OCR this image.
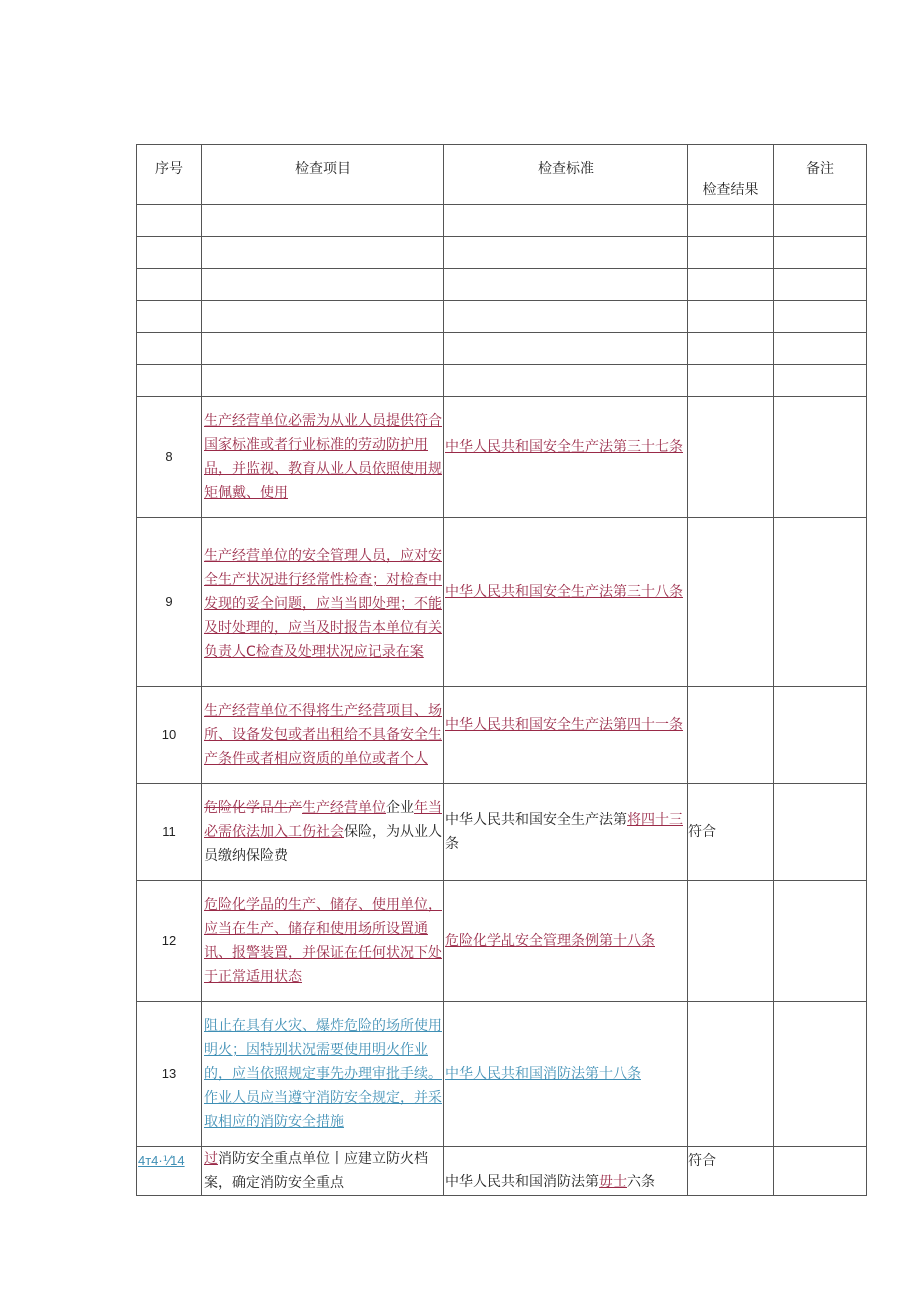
序号	检查项目	检查标准	检查结果	备注

8	生产经营单位必需为从业人员提供符合国家标准或者行业标准的劳动防护用品，并监视、教育从业人员依照使用规矩佩戴、使用	中华人民共和国安全生产法第三十七条		
9	生产经营单位的安全管理人员，应对安全生产状况进行经常性检查；对检查中发现的妥全问题，应当当即处理；不能及时处理的，应当及时报告本单位有关负责人C检查及处理状况应记录在案	中华人民共和国安全生产法第三十八条		
10	生产经营单位不得将生产经营项目、场所、设备发包或者出租给不具备安全生产条件或者相应资质的单位或者个人	中华人民共和国安全生产法第四十一条		
11	危险化学品生产生产经营单位企业年当必需依法加入工伤社会保险，为从业人员缴纳保险费	中华人民共和国安全生产法第将四十三条	符合	
12	危险化学品的生产、储存、使用单位，应当在生产、储存和使用场所设置通讯、报警装置，并保证在任何状况下处于正常适用状态	危险化学乩安全管理条例第十八条		
13	阻止在具有火灾、爆炸危险的场所使用明火；因特别状况需要使用明火作业的，应当依照规定事先办理审批手续。作业人员应当遵守消防安全规定，并采取相应的消防安全措施	中华人民共和国消防法第十八条		
4т4·⅟14	过消防安全重点单位丨应建立防火档案，确定消防安全重点	中华人民共和国消防法第毋士六条	符合	
